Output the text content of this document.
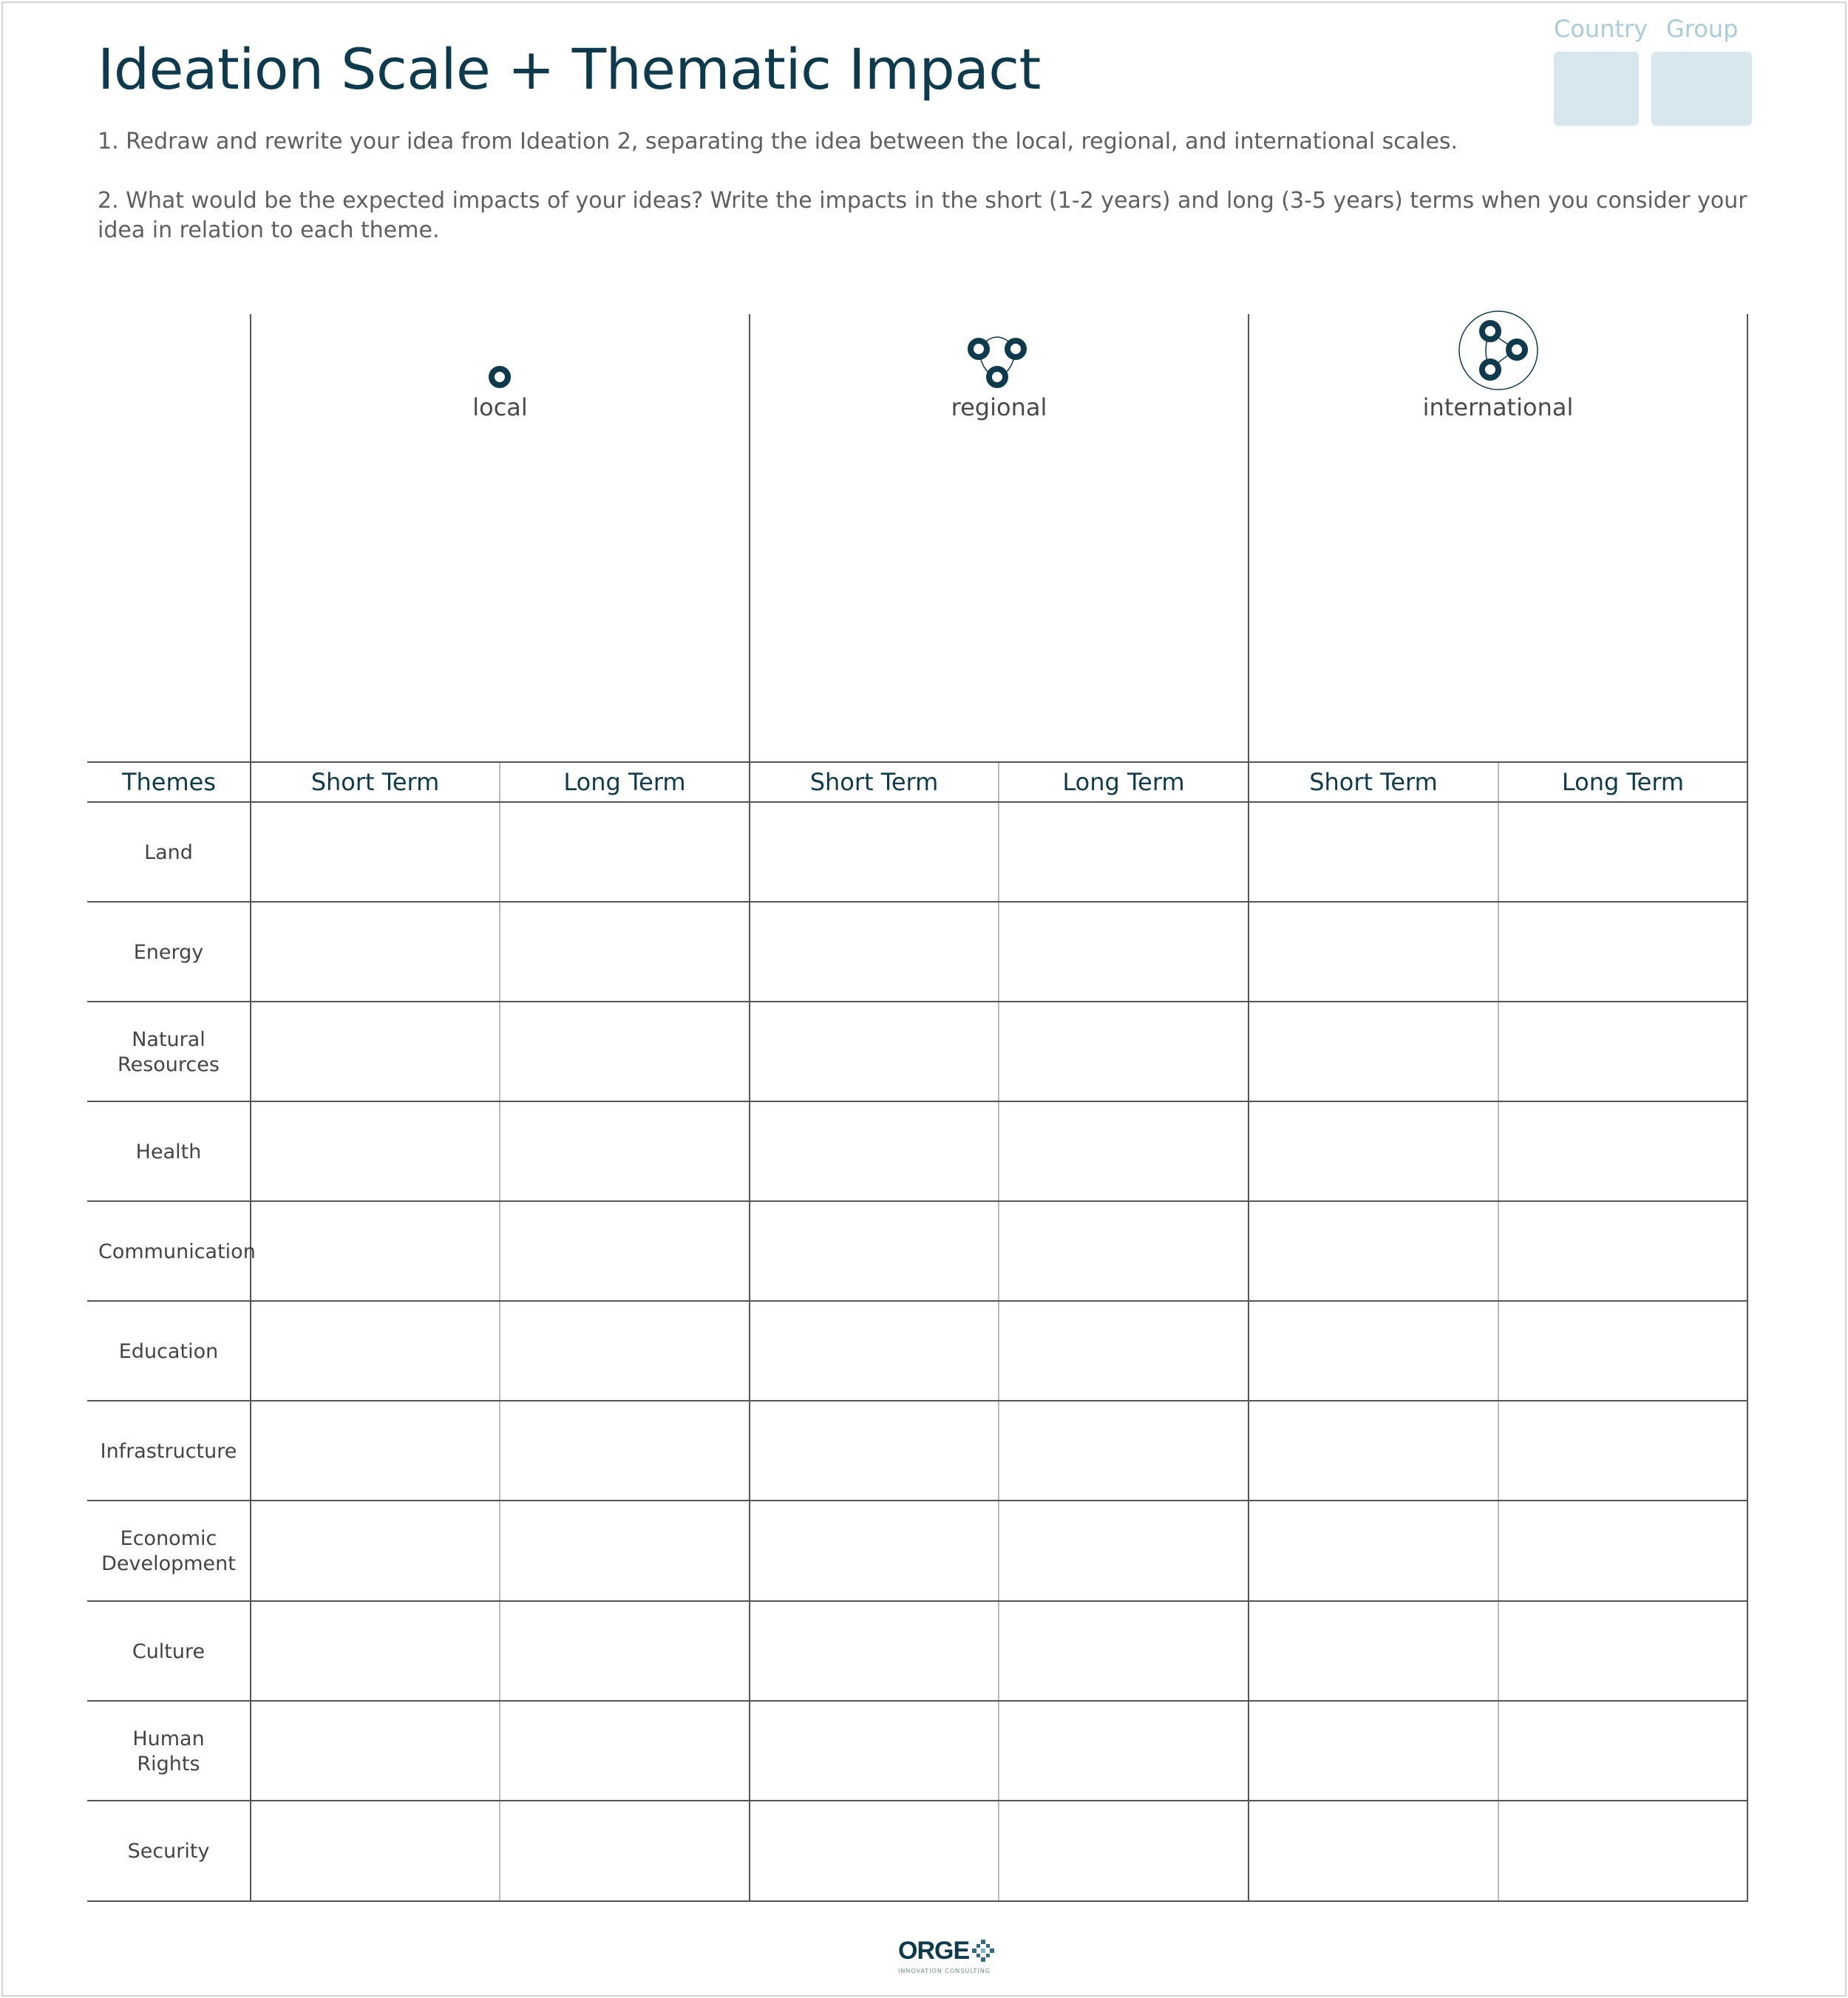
Ideation Scale + Thematic Impact

1. Redraw and rewrite your idea from Ideation 2, separating the idea between the local, regional, and international scales.

2. What would be the expected impacts of your ideas? Write the impacts in the short (1-2 years) and long (3-5 years) terms when you consider your idea in relation to each theme.

Country Group
local	regional	international
Themes	Short Term	Long Term	Short Term	Long Term	Short Term	Long Term
Land
Energy
Natural Resources
Health
Communication
Education
Infrastructure
Economic Development
Culture
Human Rights
Security
ORGE
INNOVATION CONSULTING
